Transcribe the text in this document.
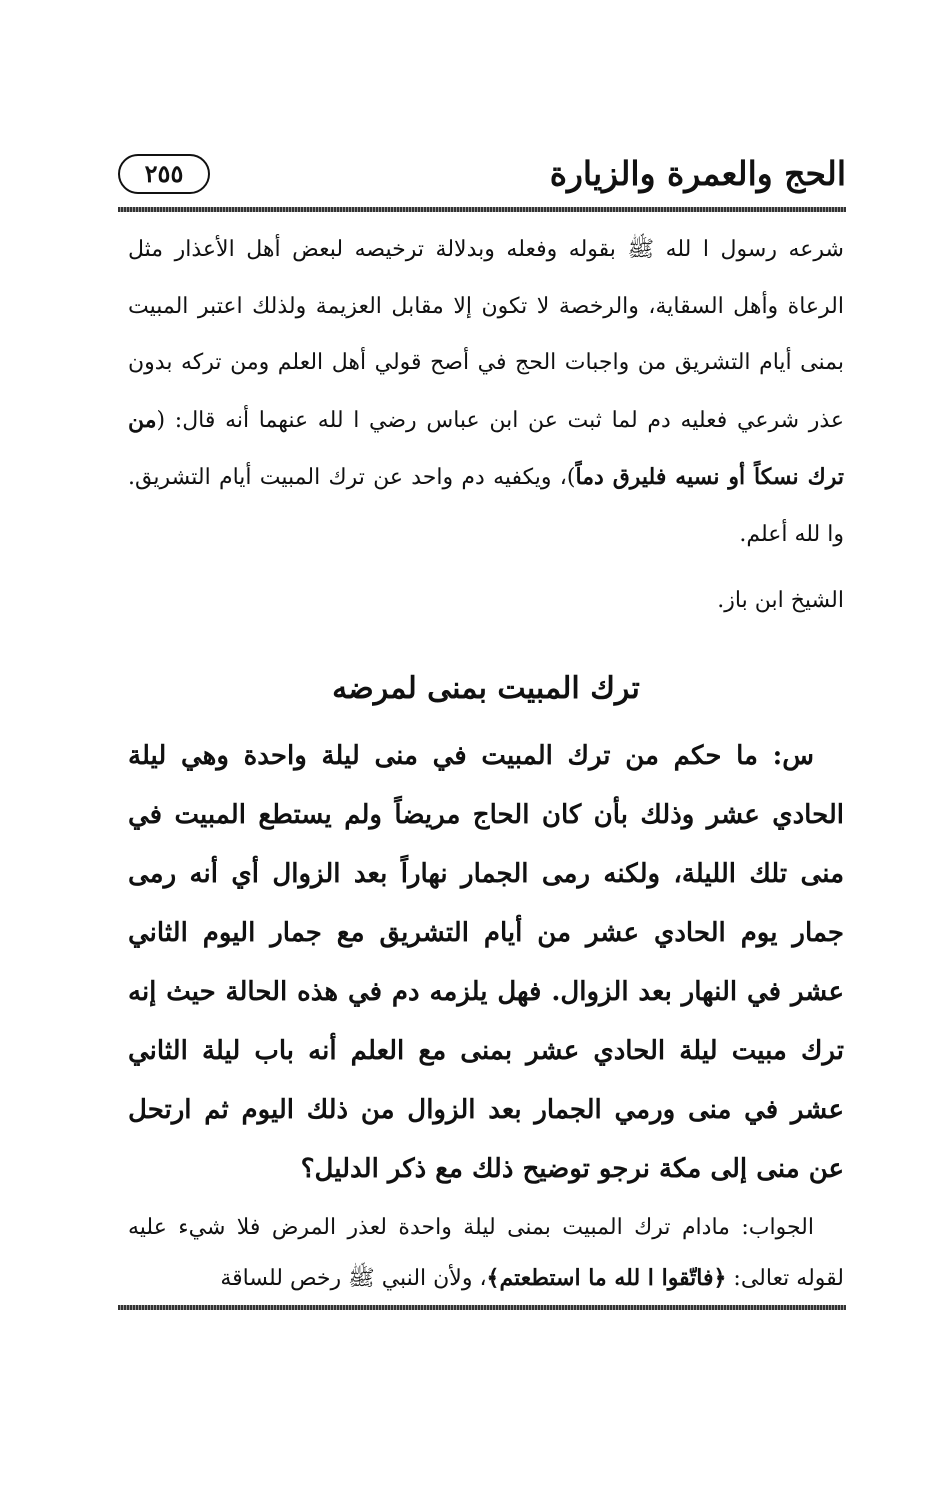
الحج والعمرة والزيارة
٢٥٥

شرعه رسول ا لله ﷺ بقوله وفعله وبدلالة ترخيصه لبعض أهل الأعذار مثل الرعاة وأهل السقاية، والرخصة لا تكون إلا مقابل العزيمة ولذلك اعتبر المبيت بمنى أيام التشريق من واجبات الحج في أصح قولي أهل العلم ومن تركه بدون عذر شرعي فعليه دم لما ثبت عن ابن عباس رضي ا لله عنهما أنه قال: (من ترك نسكاً أو نسيه فليرق دماً)، ويكفيه دم واحد عن ترك المبيت أيام التشريق. وا لله أعلم.

الشيخ ابن باز.

ترك المبيت بمنى لمرضه

س: ما حكم من ترك المبيت في منى ليلة واحدة وهي ليلة الحادي عشر وذلك بأن كان الحاج مريضاً ولم يستطع المبيت في منى تلك الليلة، ولكنه رمى الجمار نهاراً بعد الزوال أي أنه رمى جمار يوم الحادي عشر من أيام التشريق مع جمار اليوم الثاني عشر في النهار بعد الزوال. فهل يلزمه دم في هذه الحالة حيث إنه ترك مبيت ليلة الحادي عشر بمنى مع العلم أنه باب ليلة الثاني عشر في منى ورمي الجمار بعد الزوال من ذلك اليوم ثم ارتحل عن منى إلى مكة نرجو توضيح ذلك مع ذكر الدليل؟

الجواب: مادام ترك المبيت بمنى ليلة واحدة لعذر المرض فلا شيء عليه لقوله تعالى: ﴿فاتّقوا ا لله ما استطعتم﴾، ولأن النبي ﷺ رخص للساقة
